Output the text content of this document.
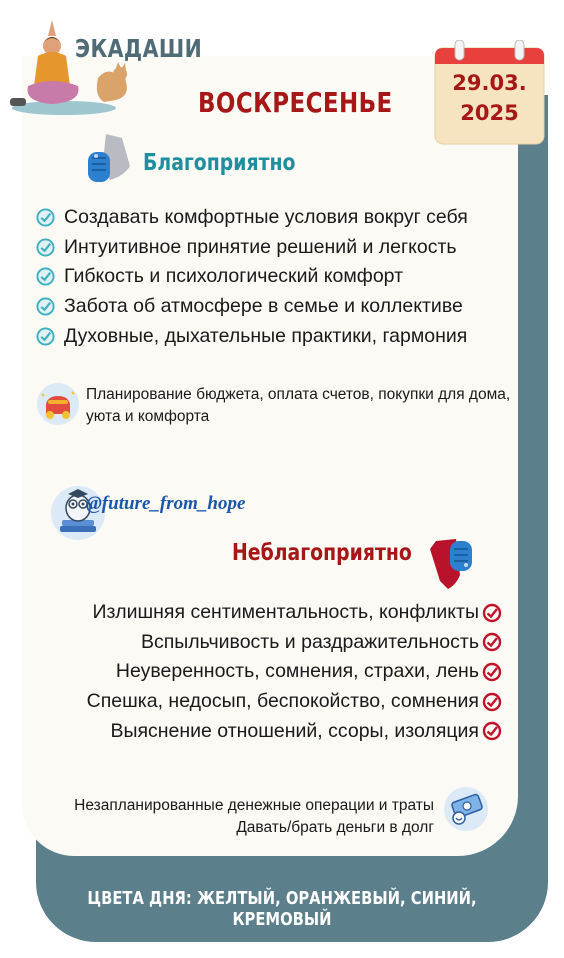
ЭКАДАШИ
ВОСКРЕСЕНЬЕ
29.03.
2025
Благоприятно
Создавать комфортные условия вокруг себя
Интуитивное принятие решений и легкость
Гибкость и психологический комфорт
Забота об атмосфере в семье и коллективе
Духовные, дыхательные практики, гармония
Планирование бюджета, оплата счетов, покупки для дома, уюта и комфорта
@future_from_hope
Неблагоприятно
Излишняя сентиментальность, конфликты
Вспыльчивость и раздражительность
Неуверенность, сомнения, страхи, лень
Спешка, недосып, беспокойство, сомнения
Выяснение отношений, ссоры, изоляция
Незапланированные денежные операции и траты
Давать/брать деньги в долг
ЦВЕТА ДНЯ: ЖЕЛТЫЙ, ОРАНЖЕВЫЙ, СИНИЙ, КРЕМОВЫЙ
